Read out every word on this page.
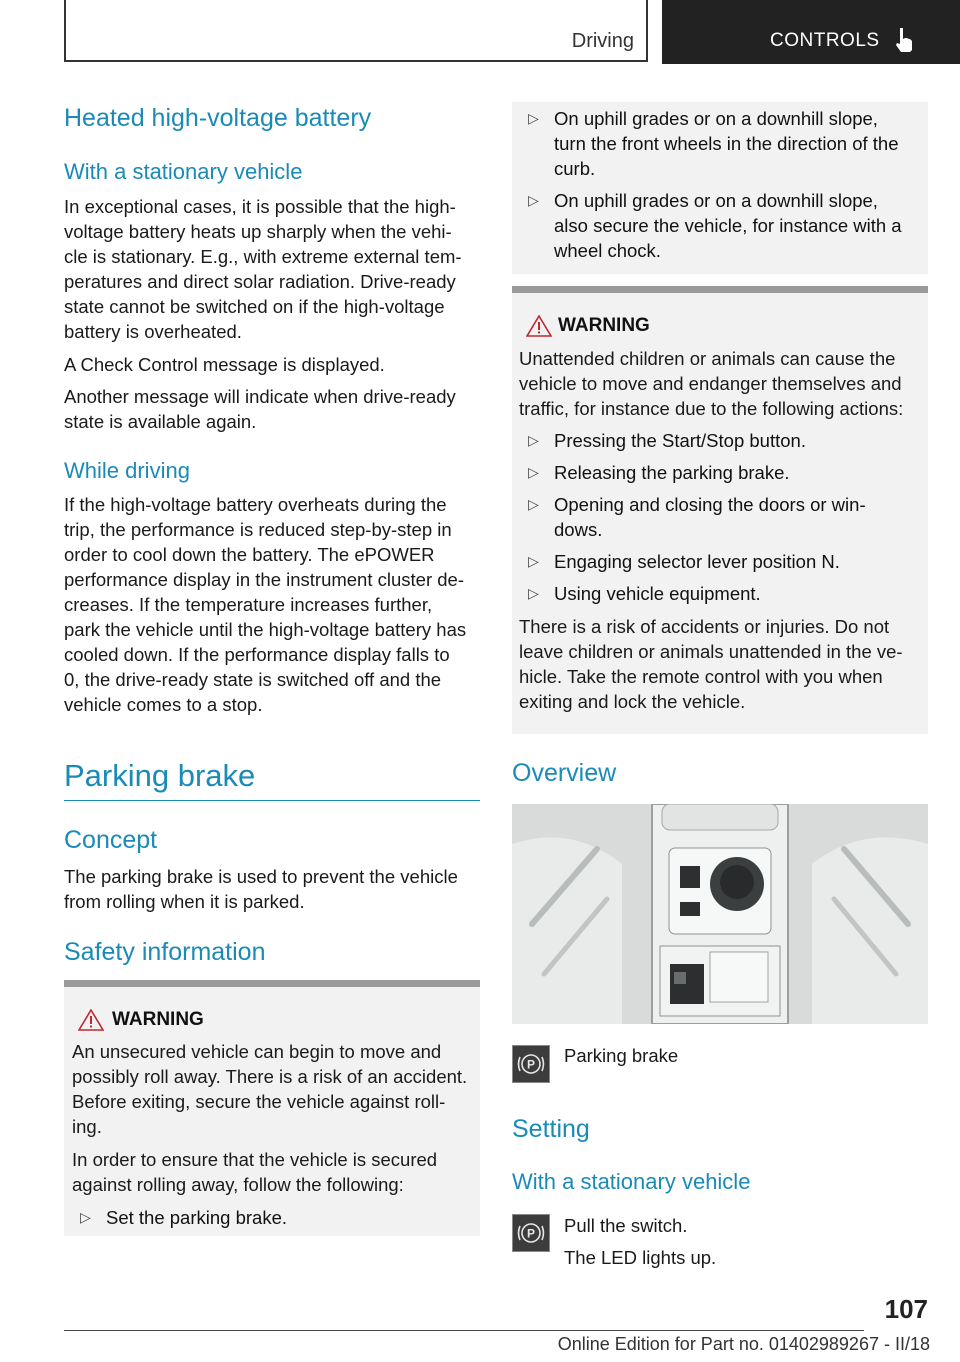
Driving	CONTROLS
Heated high-voltage battery
With a stationary vehicle
In exceptional cases, it is possible that the high-
voltage battery heats up sharply when the vehi-
cle is stationary. E.g., with extreme external tem-
peratures and direct solar radiation. Drive-ready
state cannot be switched on if the high-voltage
battery is overheated.
A Check Control message is displayed.
Another message will indicate when drive-ready
state is available again.
While driving
If the high-voltage battery overheats during the
trip, the performance is reduced step-by-step in
order to cool down the battery. The ePOWER
performance display in the instrument cluster de-
creases. If the temperature increases further,
park the vehicle until the high-voltage battery has
cooled down. If the performance display falls to
0, the drive-ready state is switched off and the
vehicle comes to a stop.
Parking brake
Concept
The parking brake is used to prevent the vehicle
from rolling when it is parked.
Safety information
WARNING
An unsecured vehicle can begin to move and
possibly roll away. There is a risk of an accident.
Before exiting, secure the vehicle against roll-
ing.
In order to ensure that the vehicle is secured
against rolling away, follow the following:
▷ Set the parking brake.
▷ On uphill grades or on a downhill slope,
turn the front wheels in the direction of the
curb.
▷ On uphill grades or on a downhill slope,
also secure the vehicle, for instance with a
wheel chock.
WARNING
Unattended children or animals can cause the
vehicle to move and endanger themselves and
traffic, for instance due to the following actions:
▷ Pressing the Start/Stop button.
▷ Releasing the parking brake.
▷ Opening and closing the doors or win-
dows.
▷ Engaging selector lever position N.
▷ Using vehicle equipment.
There is a risk of accidents or injuries. Do not
leave children or animals unattended in the ve-
hicle. Take the remote control with you when
exiting and lock the vehicle.
Overview
P Parking brake
Setting
With a stationary vehicle
P Pull the switch.
The LED lights up.
107
Online Edition for Part no. 01402989267 - II/18
